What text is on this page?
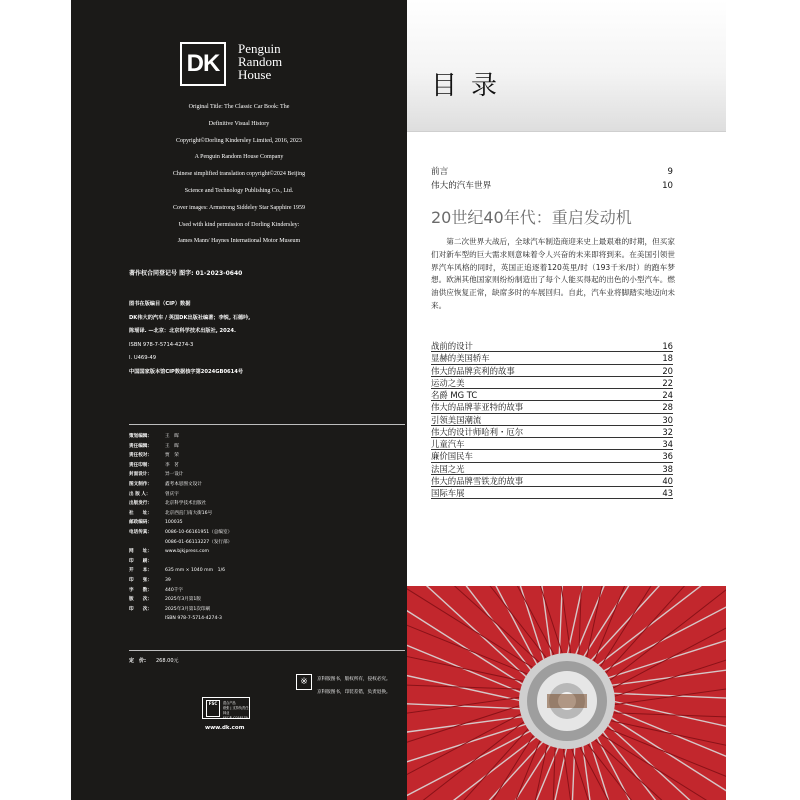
DK
Penguin
Random
House
Original Title: The Classic Car Book: The
Definitive Visual History
Copyright©Dorling Kindersley Limited, 2016, 2023
A Penguin Random House Company
Chinese simplified translation copyright©2024 Beijing
Science and Technology Publishing Co., Ltd.
Cover images: Armstrong Siddeley Star Sapphire 1959
Used with kind permission of Dorling Kindersley:
James Mann/ Haynes International Motor Museum
著作权合同登记号 图字: 01-2023-0640
图书在版编目（CIP）数据
DK伟大的汽车 / 英国DK出版社编著；李锐, 石德吟,
陈瑶译. —北京：北京科学技术出版社, 2024.
ISBN 978-7-5714-4274-3
Ⅰ. U469-49
中国国家版本馆CIP数据核字第2024GB0614号
策划编辑：	王　晖
责任编辑：	王　晖
责任校对：	贾　荣
责任印制：	李　茗
封面设计：	异一设计
图文制作：	鑫考本思图文设计
出 版 人：	曾庆宇
出版发行：	北京科学技术出版社
社　　址：	北京西直门南大街16号
邮政编码：	100035
电话传真：	0086-10-66161951（总编室）
0086-01-66113227（发行部）
网　　址：	www.bjkjpress.com
印　　刷：
开　　本：	635 mm × 1040 mm　1/6
印　　张：	39
字　　数：	440千字
版　　次：	2025年3月第1版
印　　次：	2025年3月第1次印刷
ISBN 978-7-5714-4274-3
定　价: 268.00元
※	京科版图书，版权所有，侵权必究。
京科版图书，印装差错，负责退换。
FSC	混合产品
纸张 | 支持负责任林业
FSC® C018179
www.dk.com
目录
前言	9
伟大的汽车世界	10
20世纪40年代：重启发动机
　　第二次世界大战后，全球汽车制造商迎来史上最艰难的时期，但买家们对新车型的巨大需求则意味着令人兴奋的未来即将到来。在美国引领世界汽车风格的同时，英国正追逐着120英里/时（193千米/时）的跑车梦想。欧洲其他国家则纷纷制造出了每个人能买得起的出色的小型汽车。燃油供应恢复正常，缺席多时的车展回归。自此，汽车业将脚踏实地迈向未来。
战前的设计	16
显赫的美国轿车	18
伟大的品牌宾利的故事	20
运动之美	22
名爵 MG TC	24
伟大的品牌菲亚特的故事	28
引领美国潮流	30
伟大的设计师哈利・厄尔	32
儿童汽车	34
廉价国民车	36
法国之光	38
伟大的品牌雪铁龙的故事	40
国际车展	43
